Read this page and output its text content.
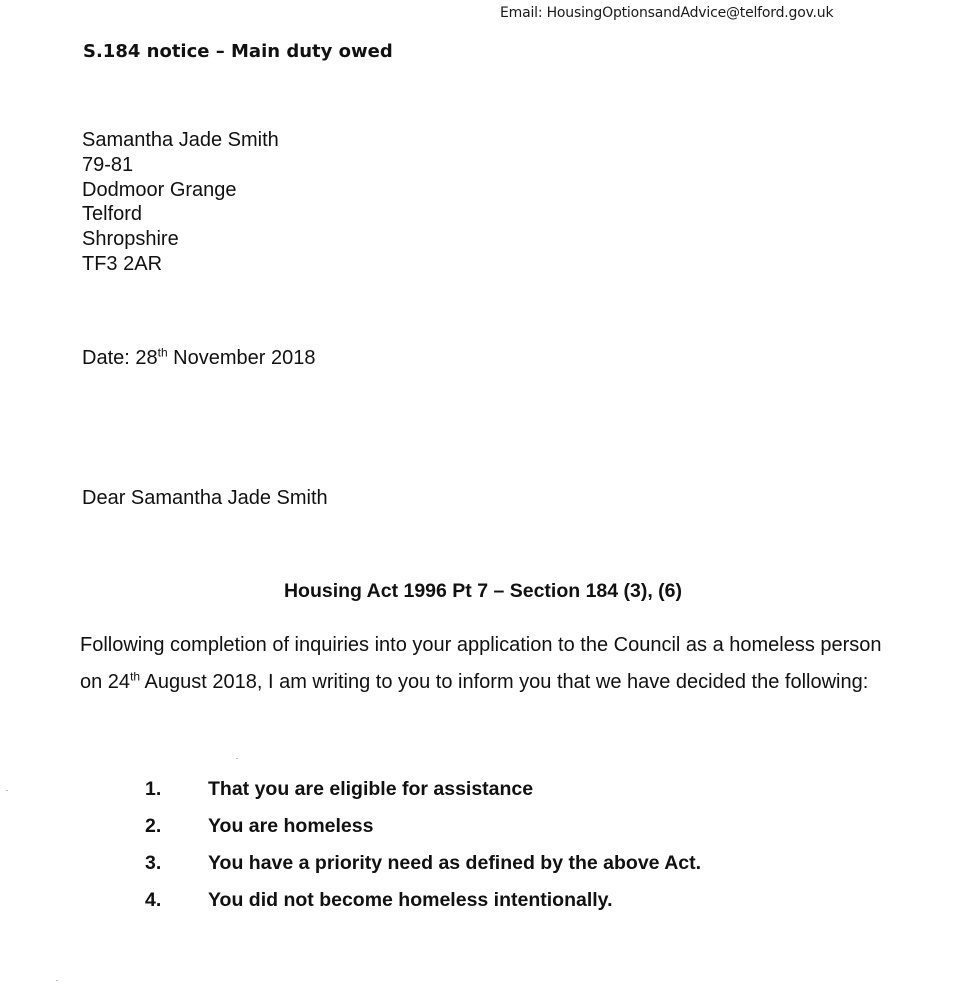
Email: HousingOptionsandAdvice@telford.gov.uk
S.184 notice – Main duty owed
Samantha Jade Smith
79-81
Dodmoor Grange
Telford
Shropshire
TF3 2AR
Date: 28th November 2018
Dear Samantha Jade Smith
Housing Act 1996 Pt 7 – Section 184 (3), (6)
Following completion of inquiries into your application to the Council as a homeless person on 24th August 2018, I am writing to you to inform you that we have decided the following:
1.	That you are eligible for assistance
2.	You are homeless
3.	You have a priority need as defined by the above Act.
4.	You did not become homeless intentionally.
